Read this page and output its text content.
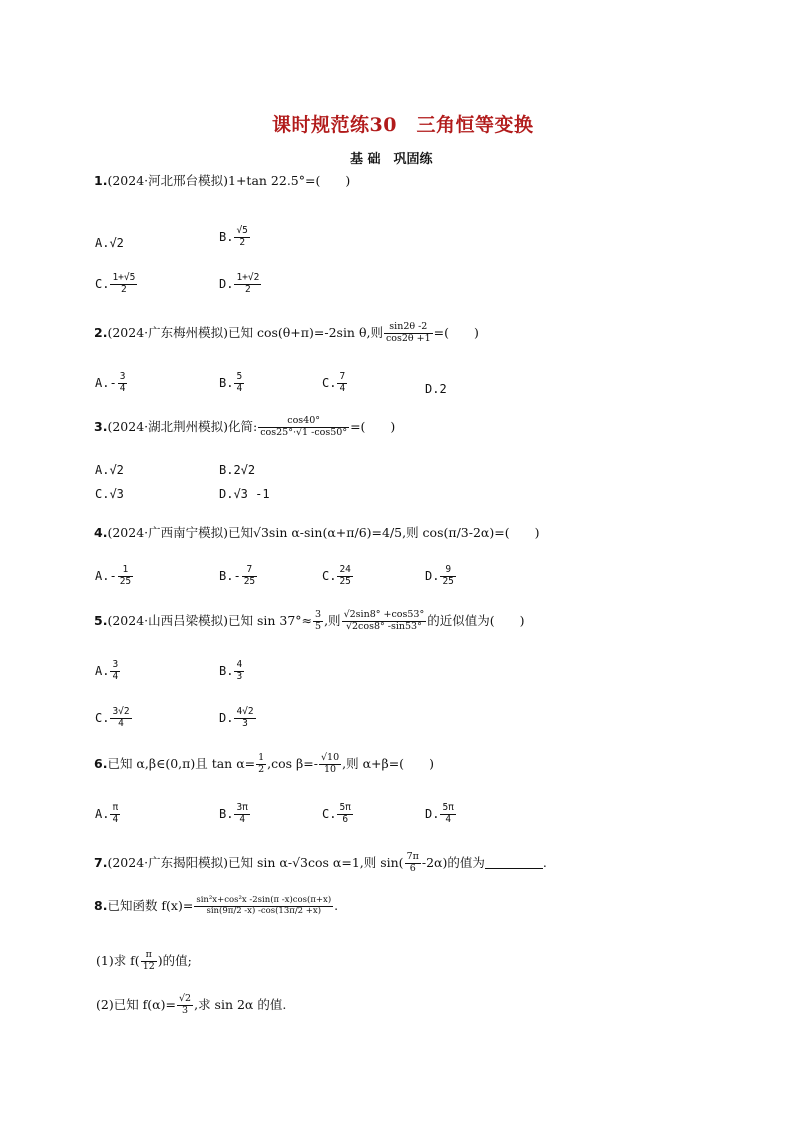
课时规范练30　三角恒等变换
基 础　巩固练
1.(2024·河北邢台模拟)1+tan 22.5°=(　　)
A.√2	B. $\frac{√5}{2}$
C. $\frac{1+√5}{2}$	D. $\frac{1+√2}{2}$
2.(2024·广东梅州模拟)已知 cos(θ+π)=-2sin θ,则 $\frac{\sin 2\theta -2}{\cos 2\theta +1}$ =(　　)
$A.- \frac{3}{4}$	B. $\frac{5}{4}$	C. $\frac{7}{4}$	D.2
3.(2024·湖北荆州模拟)化简: $\frac{\cos 40^\circ}{\cos 25^\circ\cdot√1 -\cos 50^\circ}$ =(　　)
A.√2	B.2√2
C.√3	D.√3 -1
4.(2024·广西南宁模拟)已知√3sin α-sin(α+π/6)=4/5,则 cos(π/3-2α)=(　　)
$A.- \frac{1}{25}$	$B.- \frac{7}{25}$	C. $\frac{24}{25}$	D. $\frac{9}{25}$
5.(2024·山西吕梁模拟)已知 $\sin 37^\circ\approx \frac{3}{5}$ ,则 $\frac{√2\sin 8^\circ +\cos 53^\circ}{√2\cos 8^\circ -\sin 53^\circ}$ 的近似值为(　　)
A. $\frac{3}{4}$	B. $\frac{4}{3}$
C. $\frac{3√2}{4}$	D. $\frac{4√2}{3}$
6.已知 α,β∈(0,π)且 $\tan \alpha= \frac{1}{2} ,\cos$ $\beta=- \frac{√10}{10}$ ,则 α+β=(　　)
A. $\frac{\pi}{4}$	B. $\frac{3\pi}{4}$	C. $\frac{5\pi}{6}$	D. $\frac{5\pi}{4}$
7.(2024·广东揭阳模拟)已知 sin α-√3cos α=1,则 $\sin( \frac{7\pi}{6} -2\alpha)$的值为	.
8.已知函数 $f(x)= \frac{\text{sin²x+cos²x -2sin(π -x)cos(π+x)}}{\sin(9\pi/2 -x) -\cos(13\pi/2 +x)}$ .
(1)求 $f( \frac{\pi}{12}$ )的值;
(2)已知 $f(\alpha)= \frac{√2}{3}$ ,求 sin 2α 的值.
